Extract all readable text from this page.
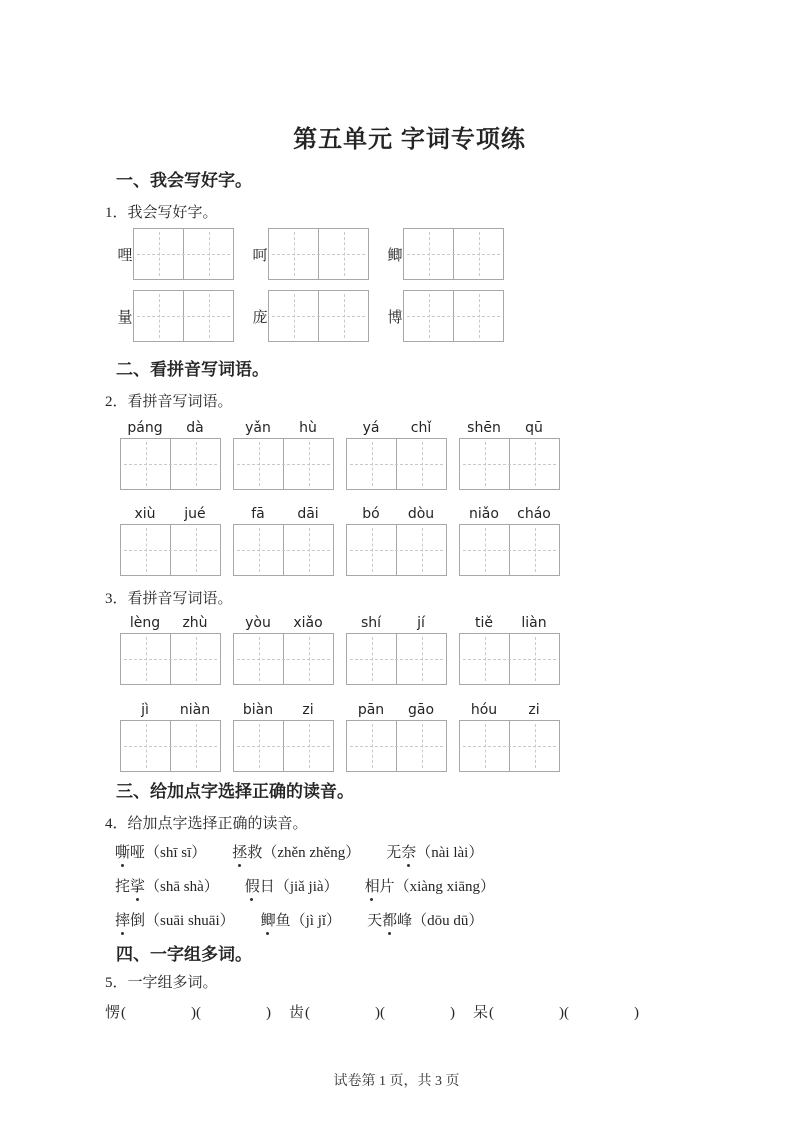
第五单元 字词专项练
一、我会写好字。
1．我会写好字。
哩	呵	鲫
量	庞	博
二、看拼音写词语。
2．看拼音写词语。
páng	dà	yǎn	hù	yá	chǐ	shēn	qū
xiù	jué	fā	dāi	bó	dòu	niǎo	cháo
3．看拼音写词语。
lèng	zhù	yòu	xiǎo	shí	jí	tiě	liàn
jì	niàn	biàn	zi	pān	gāo	hóu	zi
三、给加点字选择正确的读音。
4．给加点字选择正确的读音。
嘶哑（shī sī） 拯救（zhěn zhěng） 无奈（nài lài）
挓挲（shā shà） 假日（jiǎ jià） 相片（xiàng xiāng）
摔倒（suāi shuāi） 鲫鱼（jì jǐ） 天都峰（dōu dū）
四、一字组多词。
5．一字组多词。
愣 (	) (	) 齿 (	) (	) 呆 (	) (	)
试卷第 1 页，共 3 页
